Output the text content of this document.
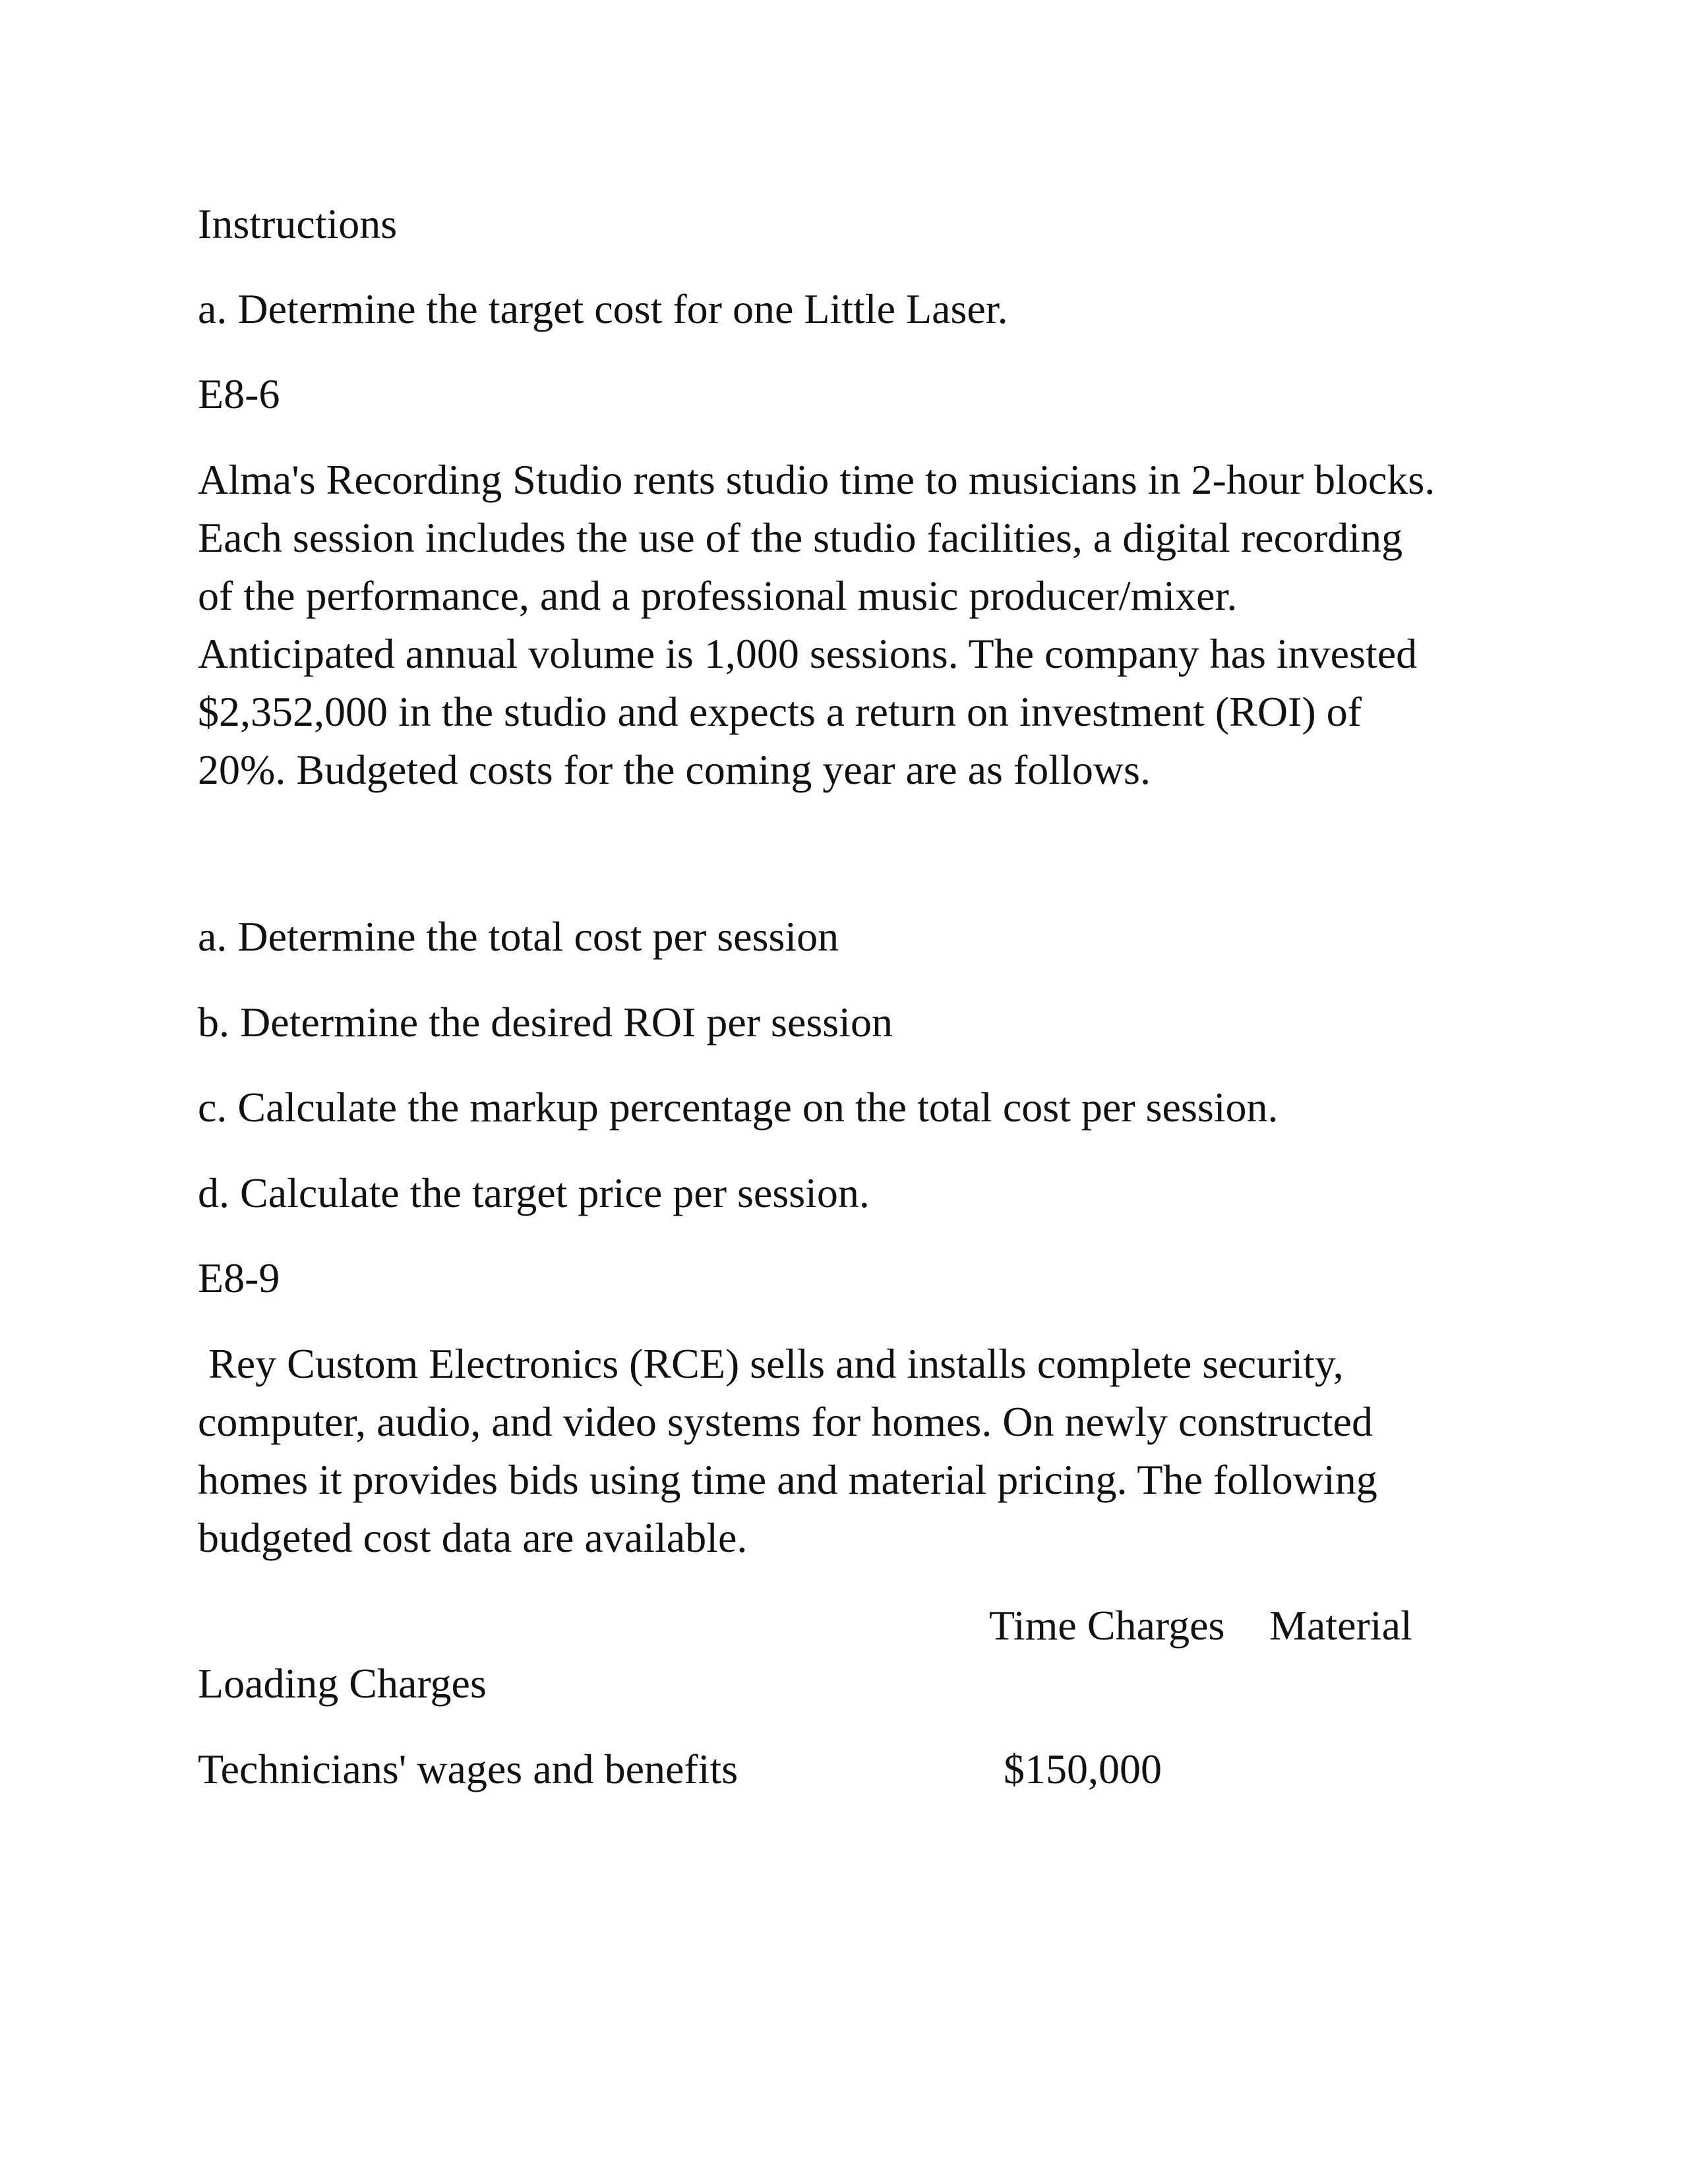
Instructions
a. Determine the target cost for one Little Laser.
E8-6
Alma's Recording Studio rents studio time to musicians in 2-hour blocks.
Each session includes the use of the studio facilities, a digital recording
of the performance, and a professional music producer/mixer.
Anticipated annual volume is 1,000 sessions. The company has invested
$2,352,000 in the studio and expects a return on investment (ROI) of
20%. Budgeted costs for the coming year are as follows.
a. Determine the total cost per session
b. Determine the desired ROI per session
c. Calculate the markup percentage on the total cost per session.
d. Calculate the target price per session.
E8-9
Rey Custom Electronics (RCE) sells and installs complete security,
computer, audio, and video systems for homes. On newly constructed
homes it provides bids using time and material pricing. The following
budgeted cost data are available.
Time Charges Material
Loading Charges
Technicians' wages and benefits	$150,000
